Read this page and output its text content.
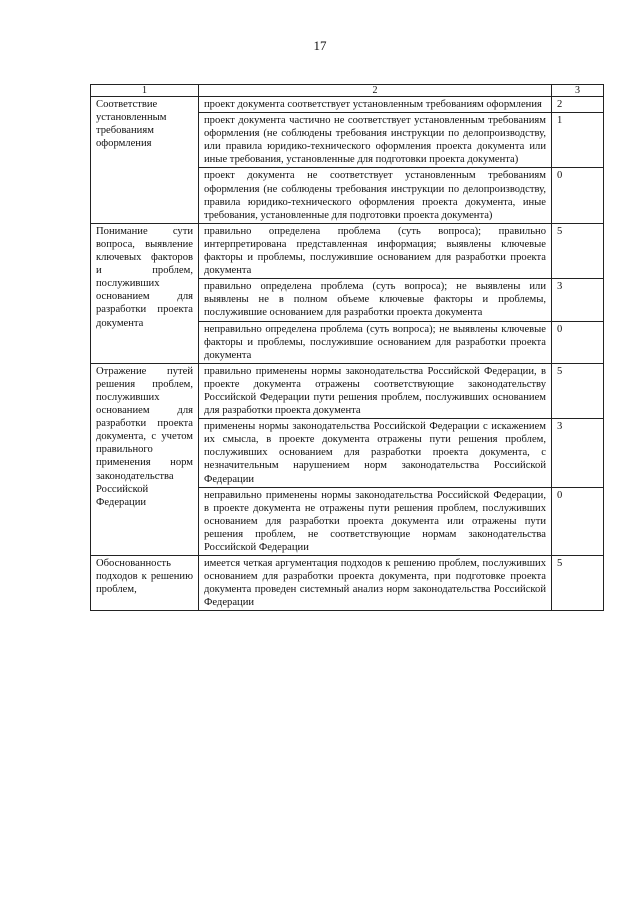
17
1	2	3
Соответствие установленным требованиям оформления	проект документа соответствует установленным требованиям оформления	2
	проект документа частично не соответствует установленным требованиям оформления (не соблюдены требования инструкции по делопроизводству, или правила юридико-технического оформления проекта документа или иные требования, установленные для подготовки проекта документа)	1
	проект документа не соответствует установленным требованиям оформления (не соблюдены требования инструкции по делопроизводству, правила юридико-технического оформления проекта документа, иные требования, установленные для подготовки проекта документа)	0
Понимание сути вопроса, выявление ключевых факторов и проблем, послуживших основанием для разработки проекта документа	правильно определена проблема (суть вопроса); правильно интерпретирована представленная информация; выявлены ключевые факторы и проблемы, послужившие основанием для разработки проекта документа	5
	правильно определена проблема (суть вопроса); не выявлены или выявлены не в полном объеме ключевые факторы и проблемы, послужившие основанием для разработки проекта документа	3
	неправильно определена проблема (суть вопроса); не выявлены ключевые факторы и проблемы, послужившие основанием для разработки проекта документа	0
Отражение путей решения проблем, послуживших основанием для разработки проекта документа, с учетом правильного применения норм законодательства Российской Федерации	правильно применены нормы законодательства Российской Федерации, в проекте документа отражены соответствующие законодательству Российской Федерации пути решения проблем, послуживших основанием для разработки проекта документа	5
	применены нормы законодательства Российской Федерации с искажением их смысла, в проекте документа отражены пути решения проблем, послуживших основанием для разработки проекта документа, с незначительным нарушением норм законодательства Российской Федерации	3
	неправильно применены нормы законодательства Российской Федерации, в проекте документа не отражены пути решения проблем, послуживших основанием для разработки проекта документа или отражены пути решения проблем, не соответствующие нормам законодательства Российской Федерации	0
Обоснованность подходов к решению проблем,	имеется четкая аргументация подходов к решению проблем, послуживших основанием для разработки проекта документа, при подготовке проекта документа проведен системный анализ норм законодательства Российской Федерации	5
